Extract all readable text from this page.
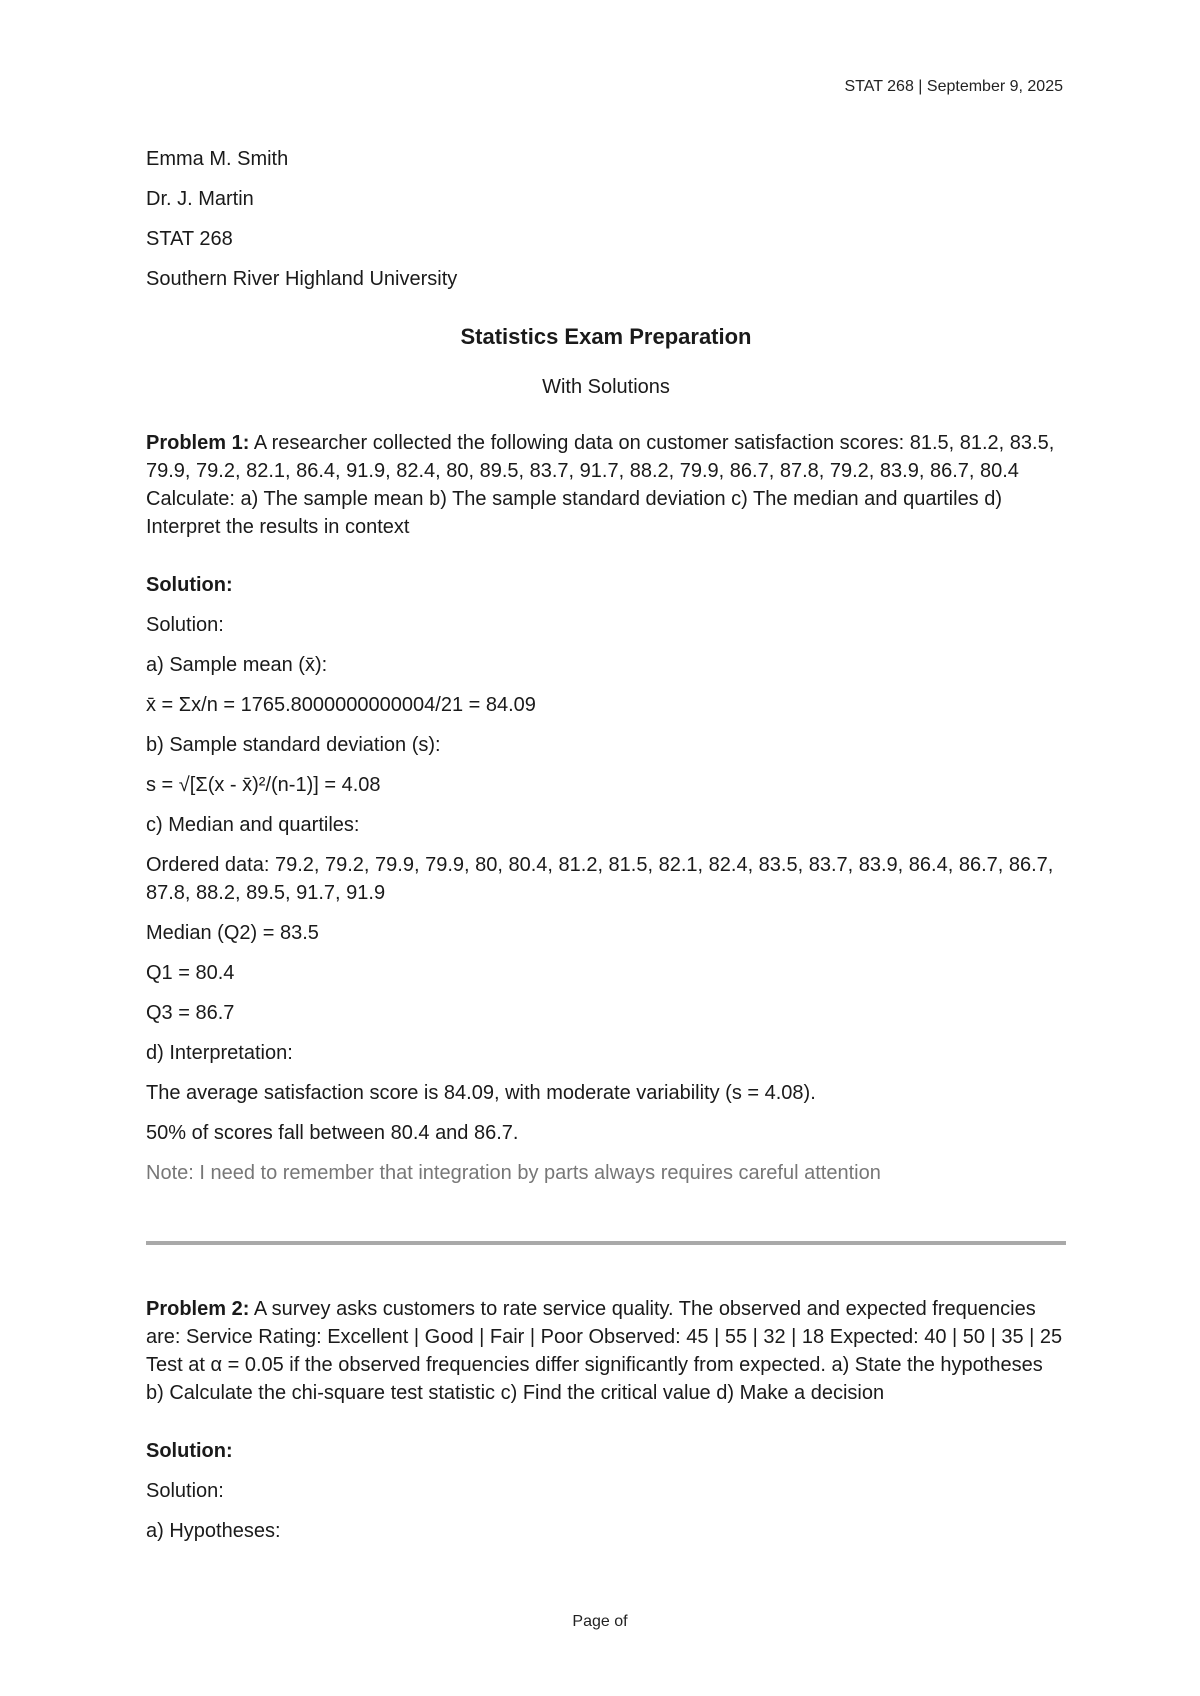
STAT 268 | September 9, 2025

Emma M. Smith

Dr. J. Martin

STAT 268

Southern River Highland University

Statistics Exam Preparation
With Solutions

Problem 1: A researcher collected the following data on customer satisfaction scores: 81.5, 81.2, 83.5, 79.9, 79.2, 82.1, 86.4, 91.9, 82.4, 80, 89.5, 83.7, 91.7, 88.2, 79.9, 86.7, 87.8, 79.2, 83.9, 86.7, 80.4 Calculate: a) The sample mean b) The sample standard deviation c) The median and quartiles d) Interpret the results in context

Solution:

Solution:

a) Sample mean (x̄):

x̄ = Σx/n = 1765.8000000000004/21 = 84.09

b) Sample standard deviation (s):

s = √[Σ(x - x̄)²/(n-1)] = 4.08

c) Median and quartiles:

Ordered data: 79.2, 79.2, 79.9, 79.9, 80, 80.4, 81.2, 81.5, 82.1, 82.4, 83.5, 83.7, 83.9, 86.4, 86.7, 86.7, 87.8, 88.2, 89.5, 91.7, 91.9

Median (Q2) = 83.5

Q1 = 80.4

Q3 = 86.7

d) Interpretation:

The average satisfaction score is 84.09, with moderate variability (s = 4.08).

50% of scores fall between 80.4 and 86.7.

Note: I need to remember that integration by parts always requires careful attention

Problem 2: A survey asks customers to rate service quality. The observed and expected frequencies are: Service Rating: Excellent | Good | Fair | Poor Observed: 45 | 55 | 32 | 18 Expected: 40 | 50 | 35 | 25 Test at α = 0.05 if the observed frequencies differ significantly from expected. a) State the hypotheses b) Calculate the chi-square test statistic c) Find the critical value d) Make a decision

Solution:

Solution:

a) Hypotheses:

Page of
